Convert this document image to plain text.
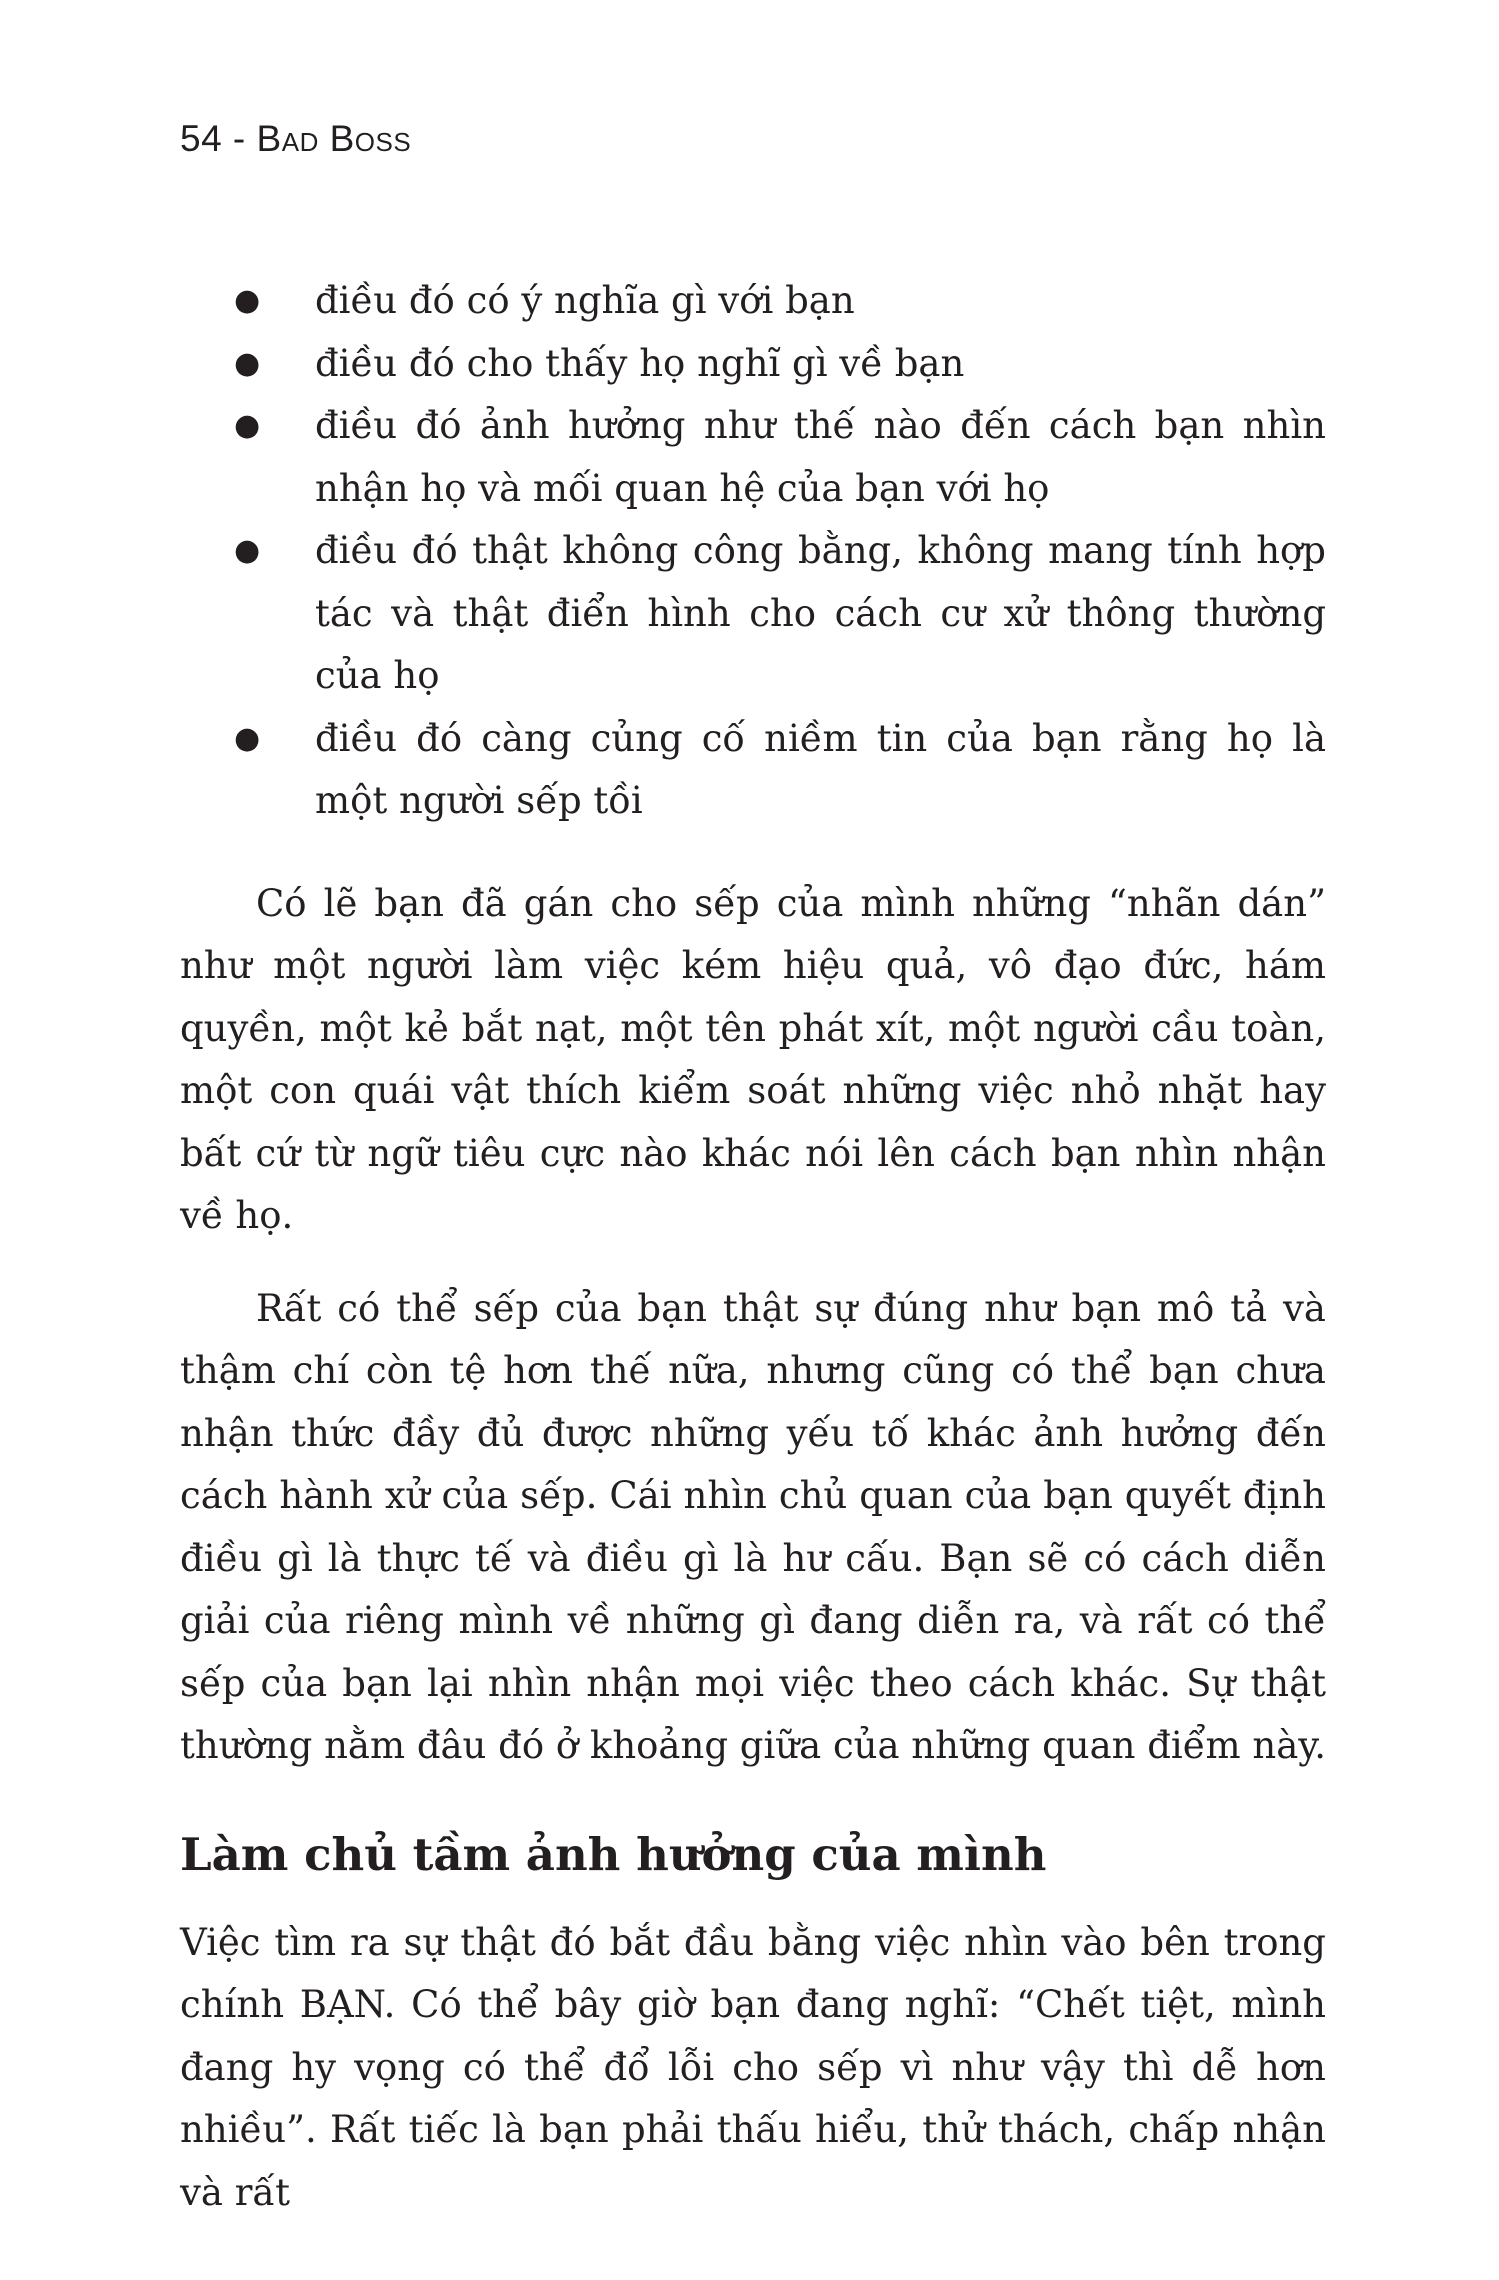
54 - Bad Boss
● điều đó có ý nghĩa gì với bạn
● điều đó cho thấy họ nghĩ gì về bạn
● điều đó ảnh hưởng như thế nào đến cách bạn nhìn nhận họ và mối quan hệ của bạn với họ
● điều đó thật không công bằng, không mang tính hợp tác và thật điển hình cho cách cư xử thông thường của họ
● điều đó càng củng cố niềm tin của bạn rằng họ là một người sếp tồi

Có lẽ bạn đã gán cho sếp của mình những “nhãn dán” như một người làm việc kém hiệu quả, vô đạo đức, hám quyền, một kẻ bắt nạt, một tên phát xít, một người cầu toàn, một con quái vật thích kiểm soát những việc nhỏ nhặt hay bất cứ từ ngữ tiêu cực nào khác nói lên cách bạn nhìn nhận về họ.

Rất có thể sếp của bạn thật sự đúng như bạn mô tả và thậm chí còn tệ hơn thế nữa, nhưng cũng có thể bạn chưa nhận thức đầy đủ được những yếu tố khác ảnh hưởng đến cách hành xử của sếp. Cái nhìn chủ quan của bạn quyết định điều gì là thực tế và điều gì là hư cấu. Bạn sẽ có cách diễn giải của riêng mình về những gì đang diễn ra, và rất có thể sếp của bạn lại nhìn nhận mọi việc theo cách khác. Sự thật thường nằm đâu đó ở khoảng giữa của những quan điểm này.

Làm chủ tầm ảnh hưởng của mình

Việc tìm ra sự thật đó bắt đầu bằng việc nhìn vào bên trong chính BẠN. Có thể bây giờ bạn đang nghĩ: “Chết tiệt, mình đang hy vọng có thể đổ lỗi cho sếp vì như vậy thì dễ hơn nhiều”. Rất tiếc là bạn phải thấu hiểu, thử thách, chấp nhận và rất
